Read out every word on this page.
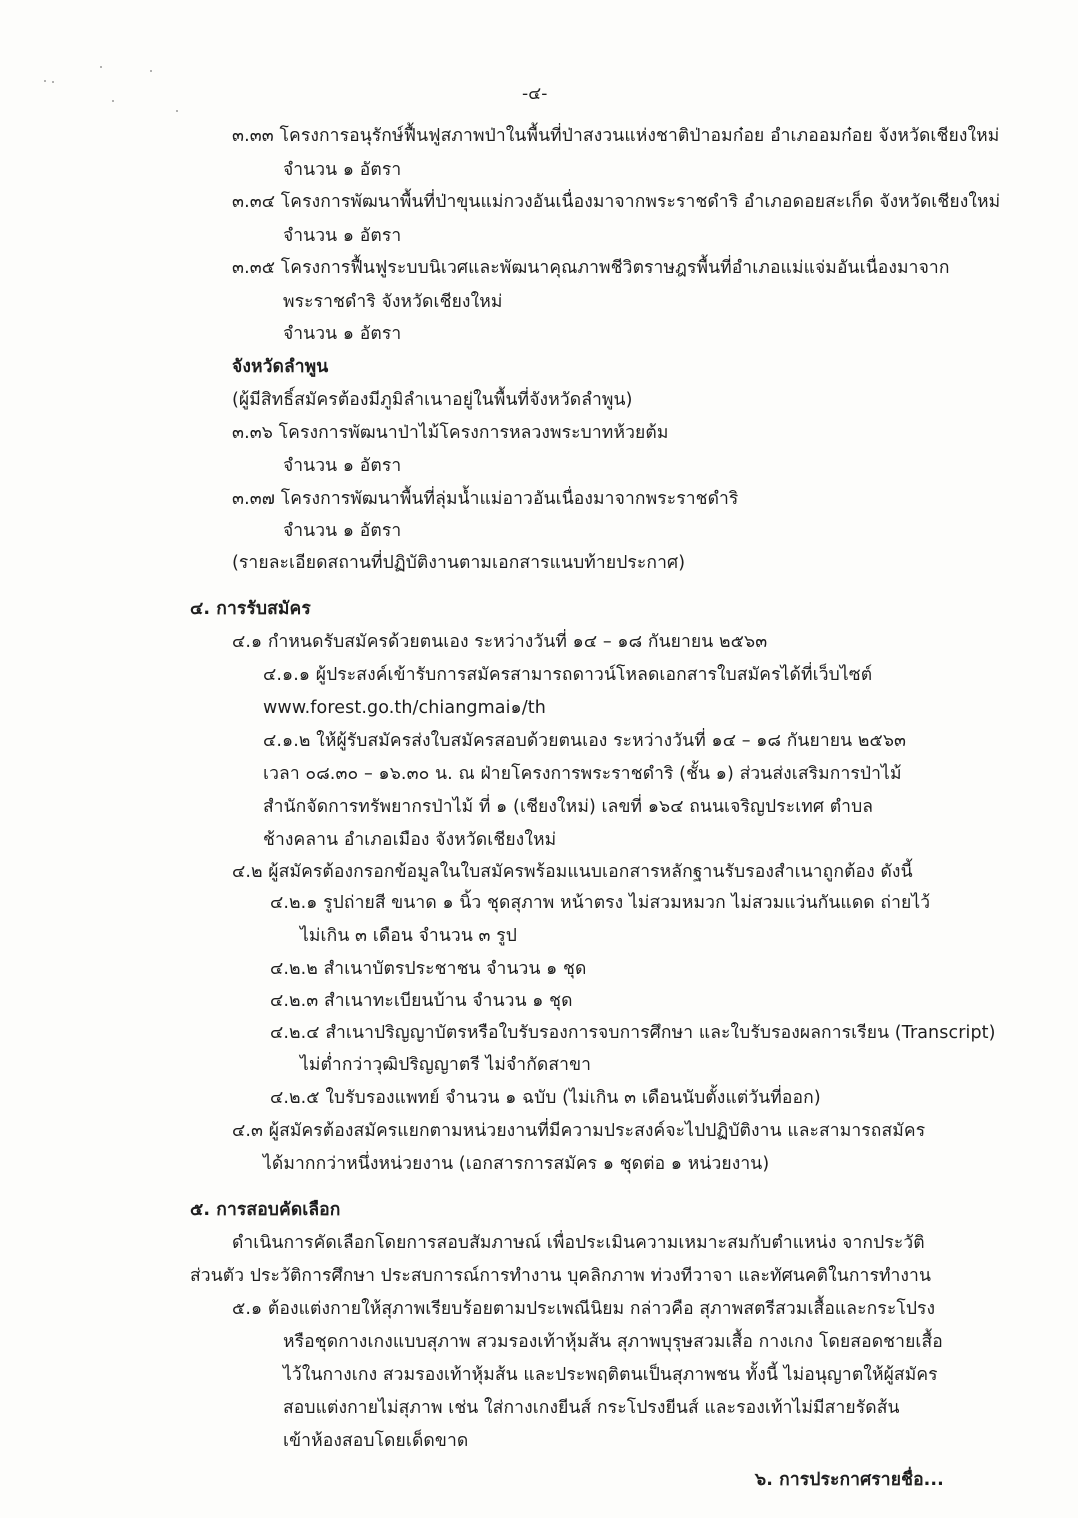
-๔-
๓.๓๓ โครงการอนุรักษ์ฟื้นฟูสภาพป่าในพื้นที่ป่าสงวนแห่งชาติป่าอมก๋อย อำเภออมก๋อย จังหวัดเชียงใหม่
จำนวน ๑ อัตรา
๓.๓๔ โครงการพัฒนาพื้นที่ป่าขุนแม่กวงอันเนื่องมาจากพระราชดำริ อำเภอดอยสะเก็ด จังหวัดเชียงใหม่
จำนวน ๑ อัตรา
๓.๓๕ โครงการฟื้นฟูระบบนิเวศและพัฒนาคุณภาพชีวิตราษฎรพื้นที่อำเภอแม่แจ่มอันเนื่องมาจาก
พระราชดำริ จังหวัดเชียงใหม่
จำนวน ๑ อัตรา
จังหวัดลำพูน
(ผู้มีสิทธิ์สมัครต้องมีภูมิลำเนาอยู่ในพื้นที่จังหวัดลำพูน)
๓.๓๖ โครงการพัฒนาป่าไม้โครงการหลวงพระบาทห้วยต้ม
จำนวน ๑ อัตรา
๓.๓๗ โครงการพัฒนาพื้นที่ลุ่มน้ำแม่อาวอันเนื่องมาจากพระราชดำริ
จำนวน ๑ อัตรา
(รายละเอียดสถานที่ปฏิบัติงานตามเอกสารแนบท้ายประกาศ)
๔. การรับสมัคร
๔.๑ กำหนดรับสมัครด้วยตนเอง ระหว่างวันที่ ๑๔ – ๑๘ กันยายน ๒๕๖๓
๔.๑.๑ ผู้ประสงค์เข้ารับการสมัครสามารถดาวน์โหลดเอกสารใบสมัครได้ที่เว็บไซต์
www.forest.go.th/chiangmai๑/th
๔.๑.๒ ให้ผู้รับสมัครส่งใบสมัครสอบด้วยตนเอง ระหว่างวันที่ ๑๔ – ๑๘ กันยายน ๒๕๖๓
เวลา ๐๘.๓๐ – ๑๖.๓๐ น. ณ ฝ่ายโครงการพระราชดำริ (ชั้น ๑) ส่วนส่งเสริมการป่าไม้
สำนักจัดการทรัพยากรป่าไม้ ที่ ๑ (เชียงใหม่) เลขที่ ๑๖๔ ถนนเจริญประเทศ ตำบล
ช้างคลาน อำเภอเมือง จังหวัดเชียงใหม่
๔.๒ ผู้สมัครต้องกรอกข้อมูลในใบสมัครพร้อมแนบเอกสารหลักฐานรับรองสำเนาถูกต้อง ดังนี้
๔.๒.๑ รูปถ่ายสี ขนาด ๑ นิ้ว ชุดสุภาพ หน้าตรง ไม่สวมหมวก ไม่สวมแว่นกันแดด ถ่ายไว้
ไม่เกิน ๓ เดือน จำนวน ๓ รูป
๔.๒.๒ สำเนาบัตรประชาชน จำนวน ๑ ชุด
๔.๒.๓ สำเนาทะเบียนบ้าน จำนวน ๑ ชุด
๔.๒.๔ สำเนาปริญญาบัตรหรือใบรับรองการจบการศึกษา และใบรับรองผลการเรียน (Transcript)
ไม่ต่ำกว่าวุฒิปริญญาตรี ไม่จำกัดสาขา
๔.๒.๕ ใบรับรองแพทย์ จำนวน ๑ ฉบับ (ไม่เกิน ๓ เดือนนับตั้งแต่วันที่ออก)
๔.๓ ผู้สมัครต้องสมัครแยกตามหน่วยงานที่มีความประสงค์จะไปปฏิบัติงาน และสามารถสมัคร
ได้มากกว่าหนึ่งหน่วยงาน (เอกสารการสมัคร ๑ ชุดต่อ ๑ หน่วยงาน)
๕. การสอบคัดเลือก
ดำเนินการคัดเลือกโดยการสอบสัมภาษณ์ เพื่อประเมินความเหมาะสมกับตำแหน่ง จากประวัติ
ส่วนตัว ประวัติการศึกษา ประสบการณ์การทำงาน บุคลิกภาพ ท่วงทีวาจา และทัศนคติในการทำงาน
๕.๑ ต้องแต่งกายให้สุภาพเรียบร้อยตามประเพณีนิยม กล่าวคือ สุภาพสตรีสวมเสื้อและกระโปรง
หรือชุดกางเกงแบบสุภาพ สวมรองเท้าหุ้มส้น สุภาพบุรุษสวมเสื้อ กางเกง โดยสอดชายเสื้อ
ไว้ในกางเกง สวมรองเท้าหุ้มส้น และประพฤติตนเป็นสุภาพชน ทั้งนี้ ไม่อนุญาตให้ผู้สมัคร
สอบแต่งกายไม่สุภาพ เช่น ใส่กางเกงยีนส์ กระโปรงยีนส์ และรองเท้าไม่มีสายรัดส้น
เข้าห้องสอบโดยเด็ดขาด
๖. การประกาศรายชื่อ...
